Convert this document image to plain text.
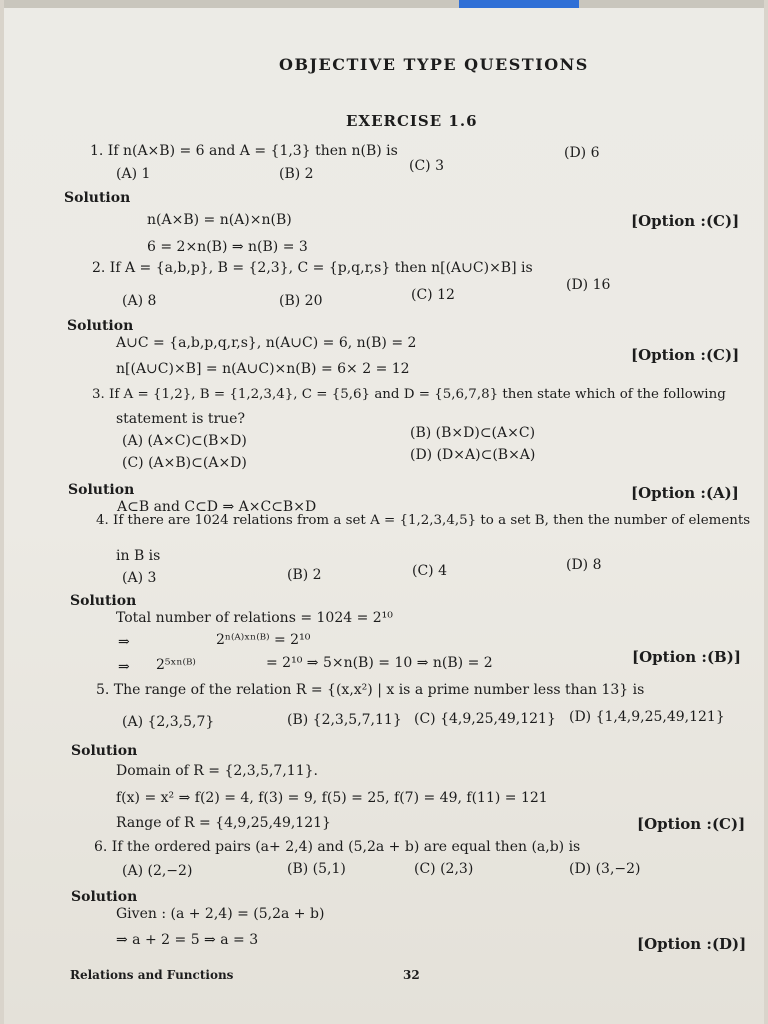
OBJECTIVE TYPE QUESTIONS
EXERCISE 1.6
1. If n(A×B) = 6 and A = {1,3} then n(B) is
(A) 1	(B) 2	(C) 3
(D) 6
Solution
n(A×B) = n(A)×n(B)	[Option :(C)]
6 = 2×n(B) ⇒ n(B) = 3
2. If A = {a,b,p}, B = {2,3}, C = {p,q,r,s} then n[(A∪C)×B] is
(A) 8	(B) 20	(C) 12
(D) 16
Solution
A∪C = {a,b,p,q,r,s}, n(A∪C) = 6, n(B) = 2
[Option :(C)]
n[(A∪C)×B] = n(A∪C)×n(B) = 6× 2 = 12
3. If A = {1,2}, B = {1,2,3,4}, C = {5,6} and D = {5,6,7,8} then state which of the following
statement is true?
(A) (A×C)⊂(B×D)	(B) (B×D)⊂(A×C)
(C) (A×B)⊂(A×D)	(D) (D×A)⊂(B×A)
Solution	[Option :(A)]
A⊂B and C⊂D ⇒ A×C⊂B×D
4. If there are 1024 relations from a set A = {1,2,3,4,5} to a set B, then the number of elements
in B is
(A) 3	(B) 2	(C) 4	(D) 8
Solution
Total number of relations = 1024 = 2¹⁰
⇒	2ⁿ⁽ᴬ⁾ˣⁿ⁽ᴮ⁾ = 2¹⁰
⇒ 2⁵ˣⁿ⁽ᴮ⁾	= 2¹⁰ ⇒ 5×n(B) = 10 ⇒ n(B) = 2	[Option :(B)]
5. The range of the relation R = {(x,x²) | x is a prime number less than 13} is
(A) {2,3,5,7}	(B) {2,3,5,7,11} (C) {4,9,25,49,121} (D) {1,4,9,25,49,121}
Solution
Domain of R = {2,3,5,7,11}.
f(x) = x² ⇒ f(2) = 4, f(3) = 9, f(5) = 25, f(7) = 49, f(11) = 121
Range of R = {4,9,25,49,121}	[Option :(C)]
6. If the ordered pairs (a+ 2,4) and (5,2a + b) are equal then (a,b) is
(A) (2,−2)	(B) (5,1)	(C) (2,3)	(D) (3,−2)
Solution
Given : (a + 2,4) = (5,2a + b)
⇒ a + 2 = 5 ⇒ a = 3	[Option :(D)]
Relations and Functions	32
